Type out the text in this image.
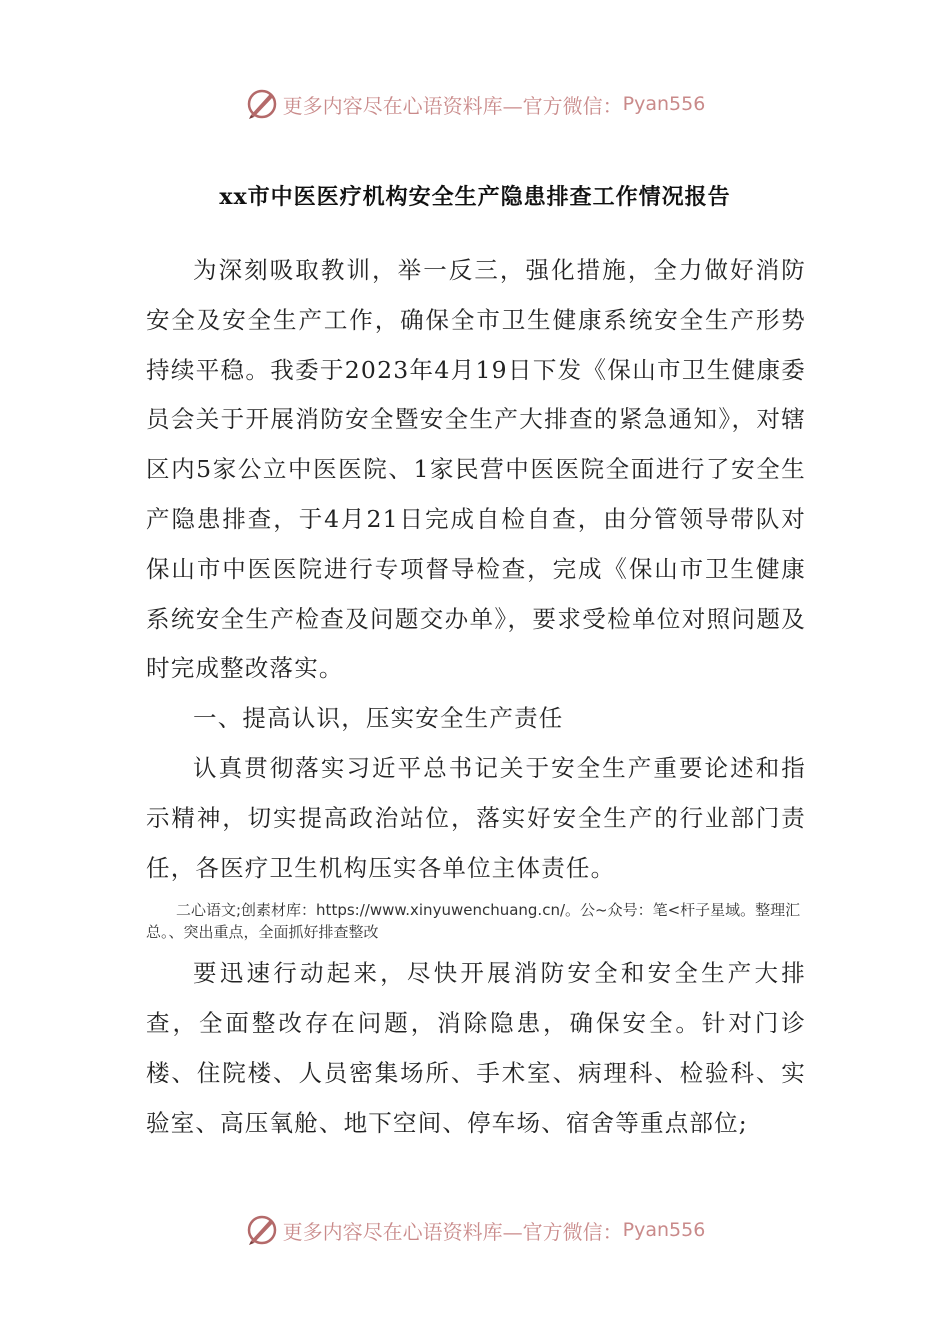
更多内容尽在心语资料库—官方微信： Pyan556
xx市中医医疗机构安全生产隐患排查工作情况报告

为深刻吸取教训，举一反三，强化措施，全力做好消防安全及安全生产工作，确保全市卫生健康系统安全生产形势持续平稳。我委于2023年4月19日下发《保山市卫生健康委员会关于开展消防安全暨安全生产大排查的紧急通知》，对辖区内5家公立中医医院、1家民营中医医院全面进行了安全生产隐患排查，于4月21日完成自检自查，由分管领导带队对保山市中医医院进行专项督导检查，完成《保山市卫生健康系统安全生产检查及问题交办单》，要求受检单位对照问题及时完成整改落实。

一、提高认识，压实安全生产责任

认真贯彻落实习近平总书记关于安全生产重要论述和指示精神，切实提高政治站位，落实好安全生产的行业部门责任，各医疗卫生机构压实各单位主体责任。

二心语文;创素材库：https://www.xinyuwenchuang.cn/。公~众号：笔<杆子星域。整理汇总。、突出重点，全面抓好排查整改

要迅速行动起来，尽快开展消防安全和安全生产大排查，全面整改存在问题，消除隐患，确保安全。针对门诊楼、住院楼、人员密集场所、手术室、病理科、检验科、实验室、高压氧舱、地下空间、停车场、宿舍等重点部位;

更多内容尽在心语资料库—官方微信： Pyan556
